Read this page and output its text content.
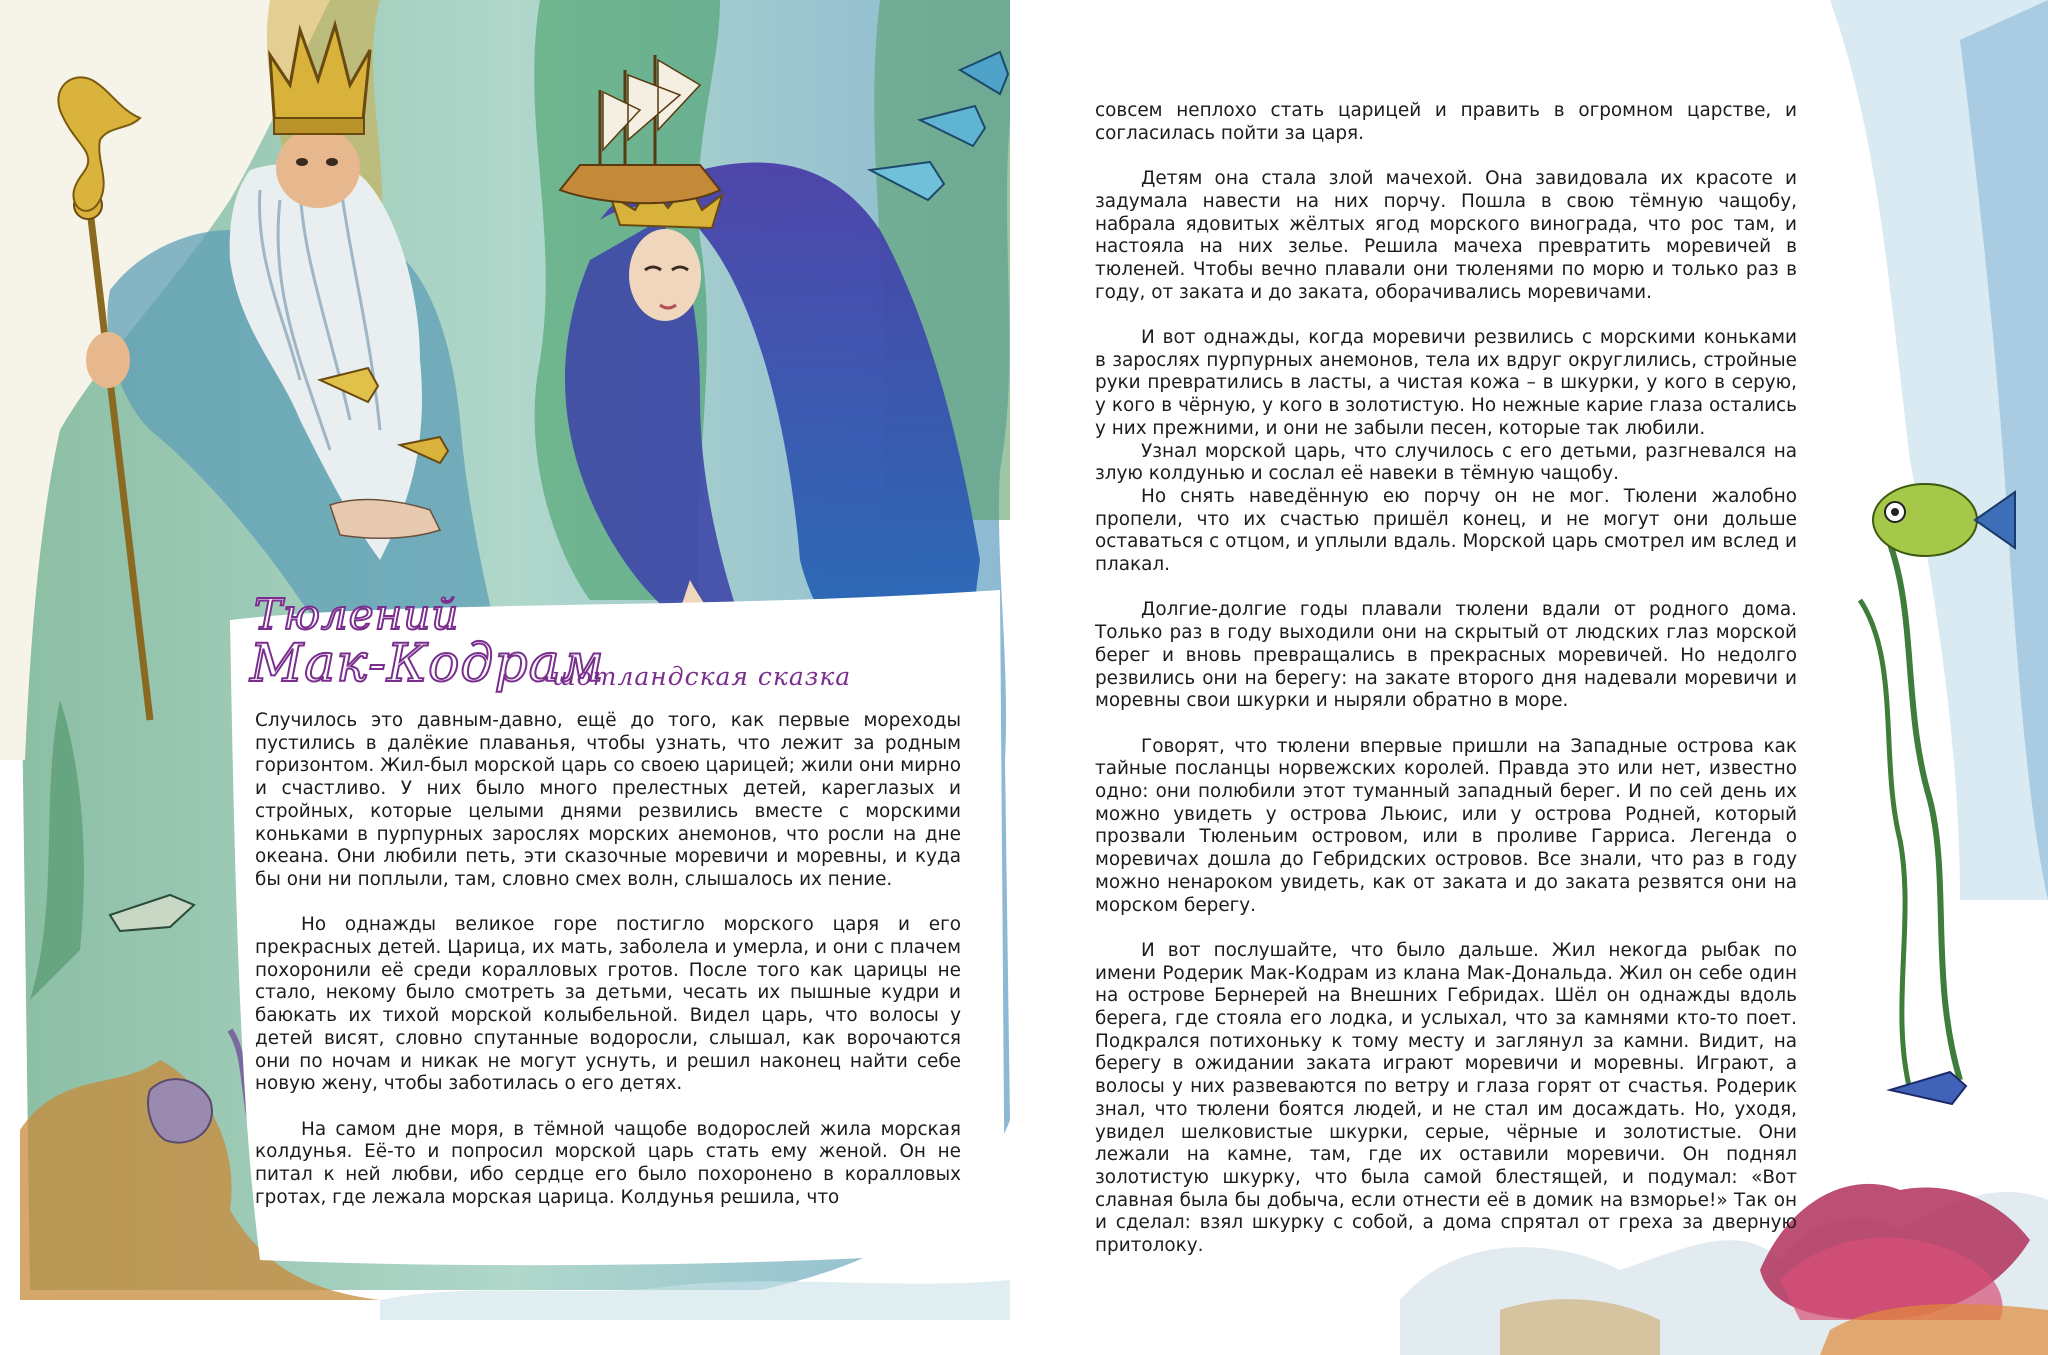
Тюлений
Мак-Кодрам
шотландская сказка

Случилось это давным-давно, ещё до того, как первые мореходы пустились в далёкие плаванья, чтобы узнать, что лежит за родным горизонтом. Жил-был морской царь со своею царицей; жили они мирно и счастливо. У них было много прелестных детей, кареглазых и стройных, которые целыми днями резвились вместе с морскими коньками в пурпурных зарослях морских анемонов, что росли на дне океана. Они любили петь, эти сказочные моревичи и моревны, и куда бы они ни поплыли, там, словно смех волн, слышалось их пение.

Но однажды великое горе постигло морского царя и его прекрасных детей. Царица, их мать, заболела и умерла, и они с плачем похоронили её среди коралловых гротов. После того как царицы не стало, некому было смотреть за детьми, чесать их пышные кудри и баюкать их тихой морской колыбельной. Видел царь, что волосы у детей висят, словно спутанные водоросли, слышал, как ворочаются они по ночам и никак не могут уснуть, и решил наконец найти себе новую жену, чтобы заботилась о его детях.

На самом дне моря, в тёмной чащобе водорослей жила морская колдунья. Её-то и попросил морской царь стать ему женой. Он не питал к ней любви, ибо сердце его было похоронено в коралловых гротах, где лежала морская царица. Колдунья решила, что

совсем неплохо стать царицей и править в огромном царстве, и согласилась пойти за царя.

Детям она стала злой мачехой. Она завидовала их красоте и задумала навести на них порчу. Пошла в свою тёмную чащобу, набрала ядовитых жёлтых ягод морского винограда, что рос там, и настояла на них зелье. Решила мачеха превратить моревичей в тюленей. Чтобы вечно плавали они тюленями по морю и только раз в году, от заката и до заката, оборачивались моревичами.

И вот однажды, когда моревичи резвились с морскими коньками в зарослях пурпурных анемонов, тела их вдруг округлились, стройные руки превратились в ласты, а чистая кожа – в шкурки, у кого в серую, у кого в чёрную, у кого в золотистую. Но нежные карие глаза остались у них прежними, и они не забыли песен, которые так любили.

Узнал морской царь, что случилось с его детьми, разгневался на злую колдунью и сослал её навеки в тёмную чащобу.

Но снять наведённую ею порчу он не мог. Тюлени жалобно пропели, что их счастью пришёл конец, и не могут они дольше оставаться с отцом, и уплыли вдаль. Морской царь смотрел им вслед и плакал.

Долгие-долгие годы плавали тюлени вдали от родного дома. Только раз в году выходили они на скрытый от людских глаз морской берег и вновь превращались в прекрасных моревичей. Но недолго резвились они на берегу: на закате второго дня надевали моревичи и моревны свои шкурки и ныряли обратно в море.

Говорят, что тюлени впервые пришли на Западные острова как тайные посланцы норвежских королей. Правда это или нет, известно одно: они полюбили этот туманный западный берег. И по сей день их можно увидеть у острова Льюис, или у острова Родней, который прозвали Тюленьим островом, или в проливе Гарриса. Легенда о моревичах дошла до Гебридских островов. Все знали, что раз в году можно ненароком увидеть, как от заката и до заката резвятся они на морском берегу.

И вот послушайте, что было дальше. Жил некогда рыбак по имени Родерик Мак-Кодрам из клана Мак-Дональда. Жил он себе один на острове Бернерей на Внешних Гебридах. Шёл он однажды вдоль берега, где стояла его лодка, и услыхал, что за камнями кто-то поет. Подкрался потихоньку к тому месту и заглянул за камни. Видит, на берегу в ожидании заката играют моревичи и моревны. Играют, а волосы у них развеваются по ветру и глаза горят от счастья. Родерик знал, что тюлени боятся людей, и не стал им досаждать. Но, уходя, увидел шелковистые шкурки, серые, чёрные и золотистые. Они лежали на камне, там, где их оставили моревичи. Он поднял золотистую шкурку, что была самой блестящей, и подумал: «Вот славная была бы добыча, если отнести её в домик на взморье!» Так он и сделал: взял шкурку с собой, а дома спрятал от греха за дверную притолоку.
